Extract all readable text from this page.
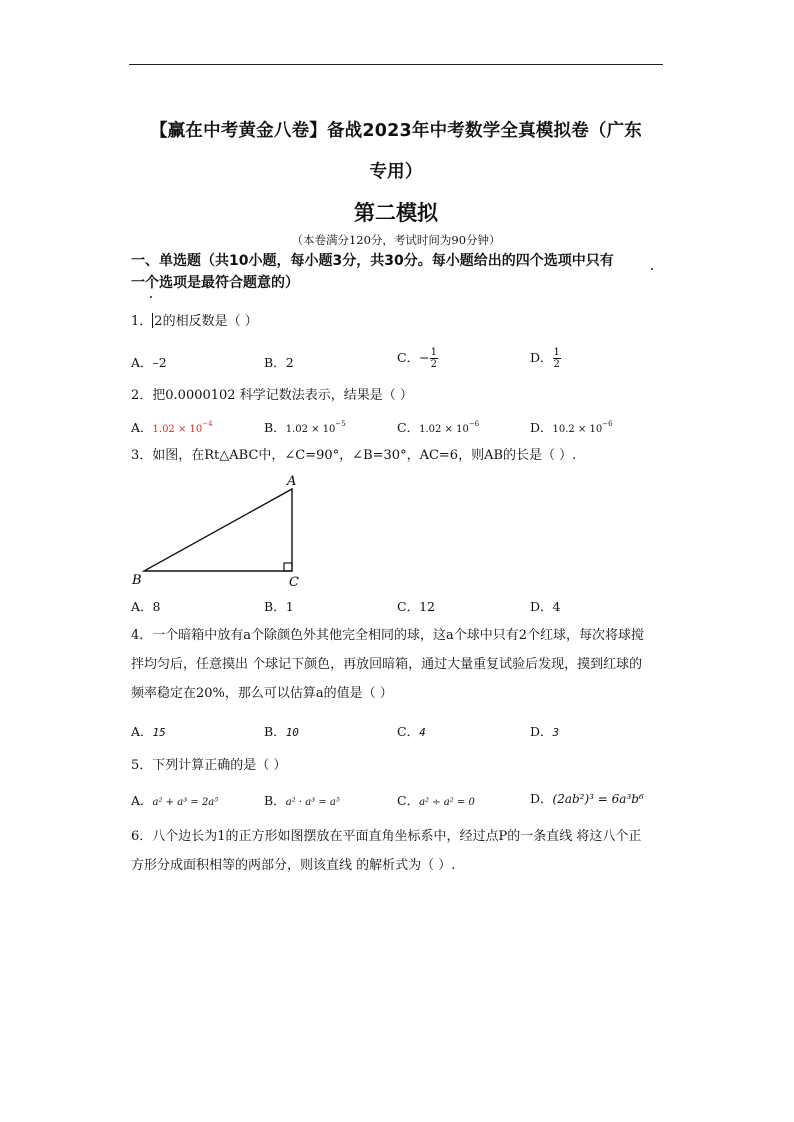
【赢在中考黄金八卷】备战2023年中考数学全真模拟卷（广东
专用）
第二模拟
（本卷满分120分，考试时间为90分钟）
一、单选题（共10小题，每小题3分，共30分。每小题给出的四个选项中只有
一个选项是最符合题意的）
1． 2的相反数是（ ）
A．–2	B．2	C．− $\frac{1}{2}$	D． $\frac{1}{2}$
2．把0.0000102 科学记数法表示，结果是（ ）
A．$1.02 \times 10^{-4}$	B．$1.02 \times 10^{-5}$	C．$1.02 \times 10^{-6}$	D．$10.2 \times 10^{-6}$
3．如图，在Rt△ABC中，∠C=90°，∠B=30°，AC=6，则AB的长是（ ）.
A
B	C
A．8	B．1	C．12	D．4
4．一个暗箱中放有a个除颜色外其他完全相同的球，这a个球中只有2个红球，每次将球搅
拌均匀后，任意摸出 个球记下颜色，再放回暗箱，通过大量重复试验后发现，摸到红球的
频率稳定在20%，那么可以估算a的值是（ ）
A．15	B．10	C．4	D．3
5．下列计算正确的是（ ）
A．a² + a³ = 2a⁵	B．a² · a³ = a⁵	C．a² ÷ a² = 0	D．(2ab²)³ = 6a³b⁶
6．八个边长为1的正方形如图摆放在平面直角坐标系中，经过点P的一条直线 将这八个正
方形分成面积相等的两部分，则该直线 的解析式为（ ）.
